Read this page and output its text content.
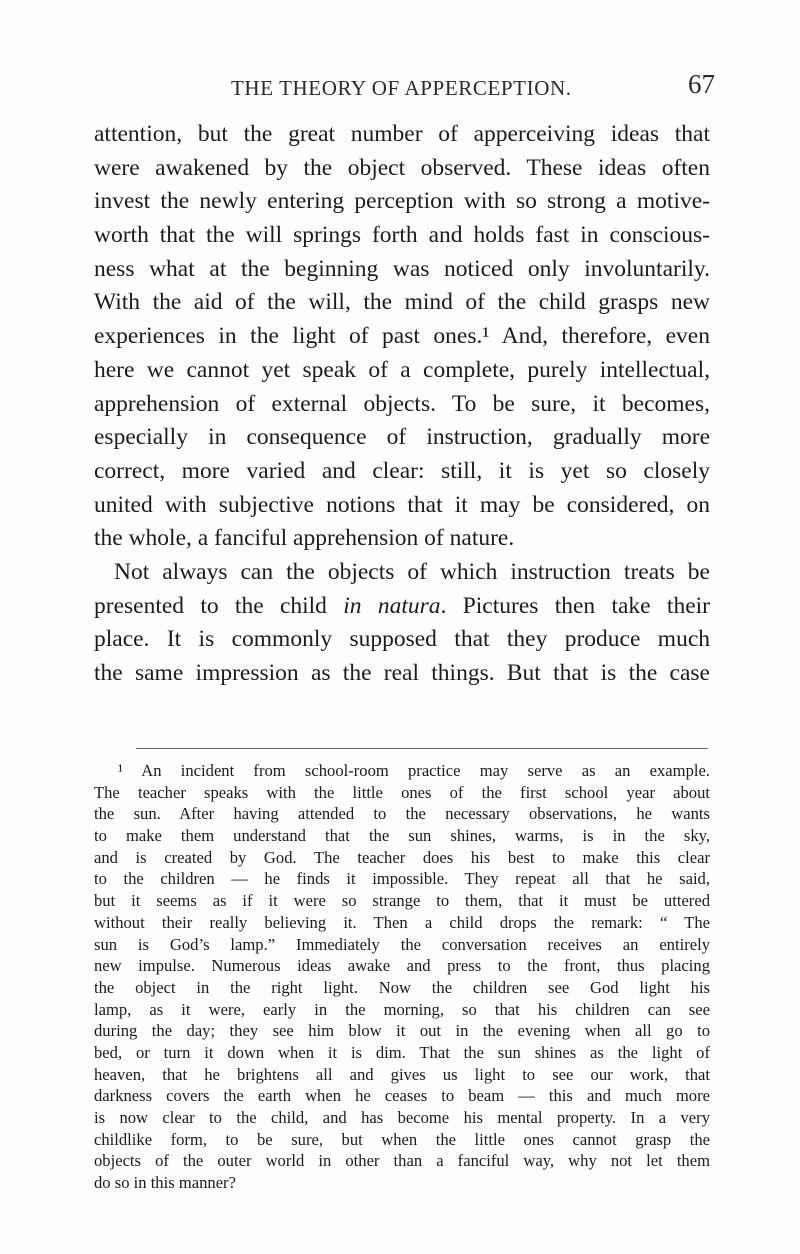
THE THEORY OF APPERCEPTION.	67
attention, but the great number of apperceiving ideas that
were awakened by the object observed. These ideas often
invest the newly entering perception with so strong a motive-
worth that the will springs forth and holds fast in conscious-
ness what at the beginning was noticed only involuntarily.
With the aid of the will, the mind of the child grasps new
experiences in the light of past ones.¹ And, therefore, even
here we cannot yet speak of a complete, purely intellectual,
apprehension of external objects. To be sure, it becomes,
especially in consequence of instruction, gradually more
correct, more varied and clear: still, it is yet so closely
united with subjective notions that it may be considered, on
the whole, a fanciful apprehension of nature.
Not always can the objects of which instruction treats be
presented to the child in natura. Pictures then take their
place. It is commonly supposed that they produce much
the same impression as the real things. But that is the case
¹ An incident from school-room practice may serve as an example.
The teacher speaks with the little ones of the first school year about
the sun. After having attended to the necessary observations, he wants
to make them understand that the sun shines, warms, is in the sky,
and is created by God. The teacher does his best to make this clear
to the children — he finds it impossible. They repeat all that he said,
but it seems as if it were so strange to them, that it must be uttered
without their really believing it. Then a child drops the remark: “ The
sun is God’s lamp.” Immediately the conversation receives an entirely
new impulse. Numerous ideas awake and press to the front, thus placing
the object in the right light. Now the children see God light his
lamp, as it were, early in the morning, so that his children can see
during the day; they see him blow it out in the evening when all go to
bed, or turn it down when it is dim. That the sun shines as the light of
heaven, that he brightens all and gives us light to see our work, that
darkness covers the earth when he ceases to beam — this and much more
is now clear to the child, and has become his mental property. In a very
childlike form, to be sure, but when the little ones cannot grasp the
objects of the outer world in other than a fanciful way, why not let them
do so in this manner?
